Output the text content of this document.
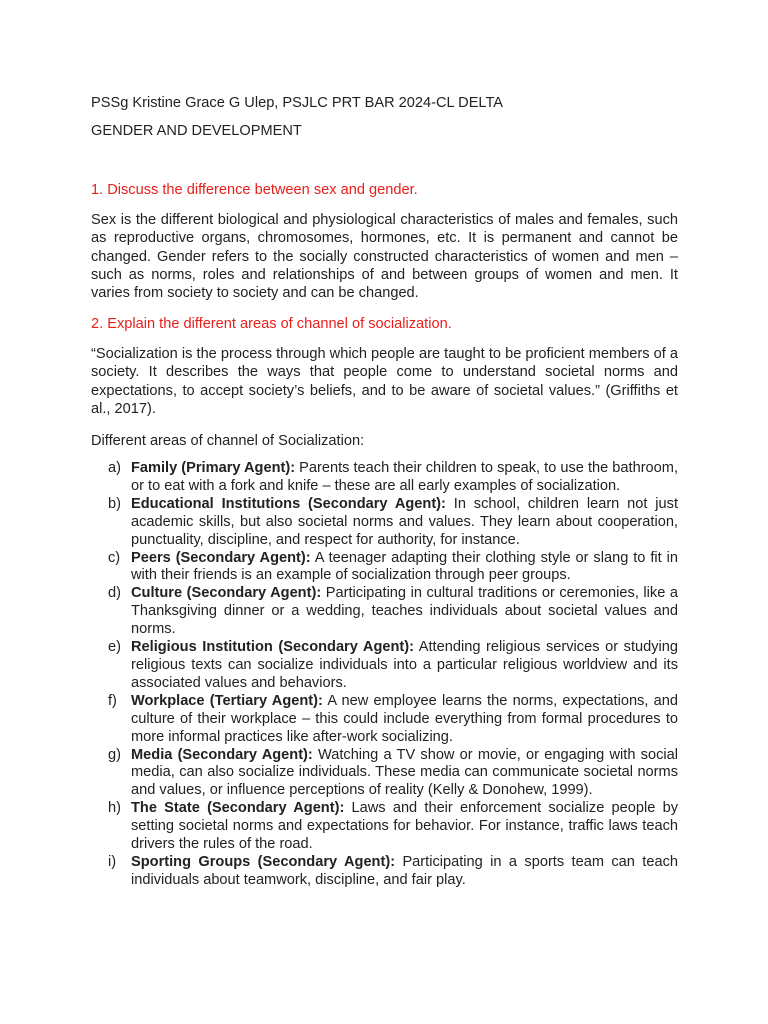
PSSg Kristine Grace G Ulep, PSJLC PRT BAR 2024-CL DELTA
GENDER AND DEVELOPMENT
1. Discuss the difference between sex and gender.
Sex is the different biological and physiological characteristics of males and females, such as reproductive organs, chromosomes, hormones, etc. It is permanent and cannot be changed. Gender refers to the socially constructed characteristics of women and men – such as norms, roles and relationships of and between groups of women and men. It varies from society to society and can be changed.
2. Explain the different areas of channel of socialization.
“Socialization is the process through which people are taught to be proficient members of a society. It describes the ways that people come to understand societal norms and expectations, to accept society’s beliefs, and to be aware of societal values.” (Griffiths et al., 2017).
Different areas of channel of Socialization:
a) Family (Primary Agent): Parents teach their children to speak, to use the bathroom, or to eat with a fork and knife – these are all early examples of socialization.
b) Educational Institutions (Secondary Agent): In school, children learn not just academic skills, but also societal norms and values. They learn about cooperation, punctuality, discipline, and respect for authority, for instance.
c) Peers (Secondary Agent): A teenager adapting their clothing style or slang to fit in with their friends is an example of socialization through peer groups.
d) Culture (Secondary Agent): Participating in cultural traditions or ceremonies, like a Thanksgiving dinner or a wedding, teaches individuals about societal values and norms.
e) Religious Institution (Secondary Agent): Attending religious services or studying religious texts can socialize individuals into a particular religious worldview and its associated values and behaviors.
f) Workplace (Tertiary Agent): A new employee learns the norms, expectations, and culture of their workplace – this could include everything from formal procedures to more informal practices like after-work socializing.
g) Media (Secondary Agent): Watching a TV show or movie, or engaging with social media, can also socialize individuals. These media can communicate societal norms and values, or influence perceptions of reality (Kelly & Donohew, 1999).
h) The State (Secondary Agent): Laws and their enforcement socialize people by setting societal norms and expectations for behavior. For instance, traffic laws teach drivers the rules of the road.
i) Sporting Groups (Secondary Agent): Participating in a sports team can teach individuals about teamwork, discipline, and fair play.
